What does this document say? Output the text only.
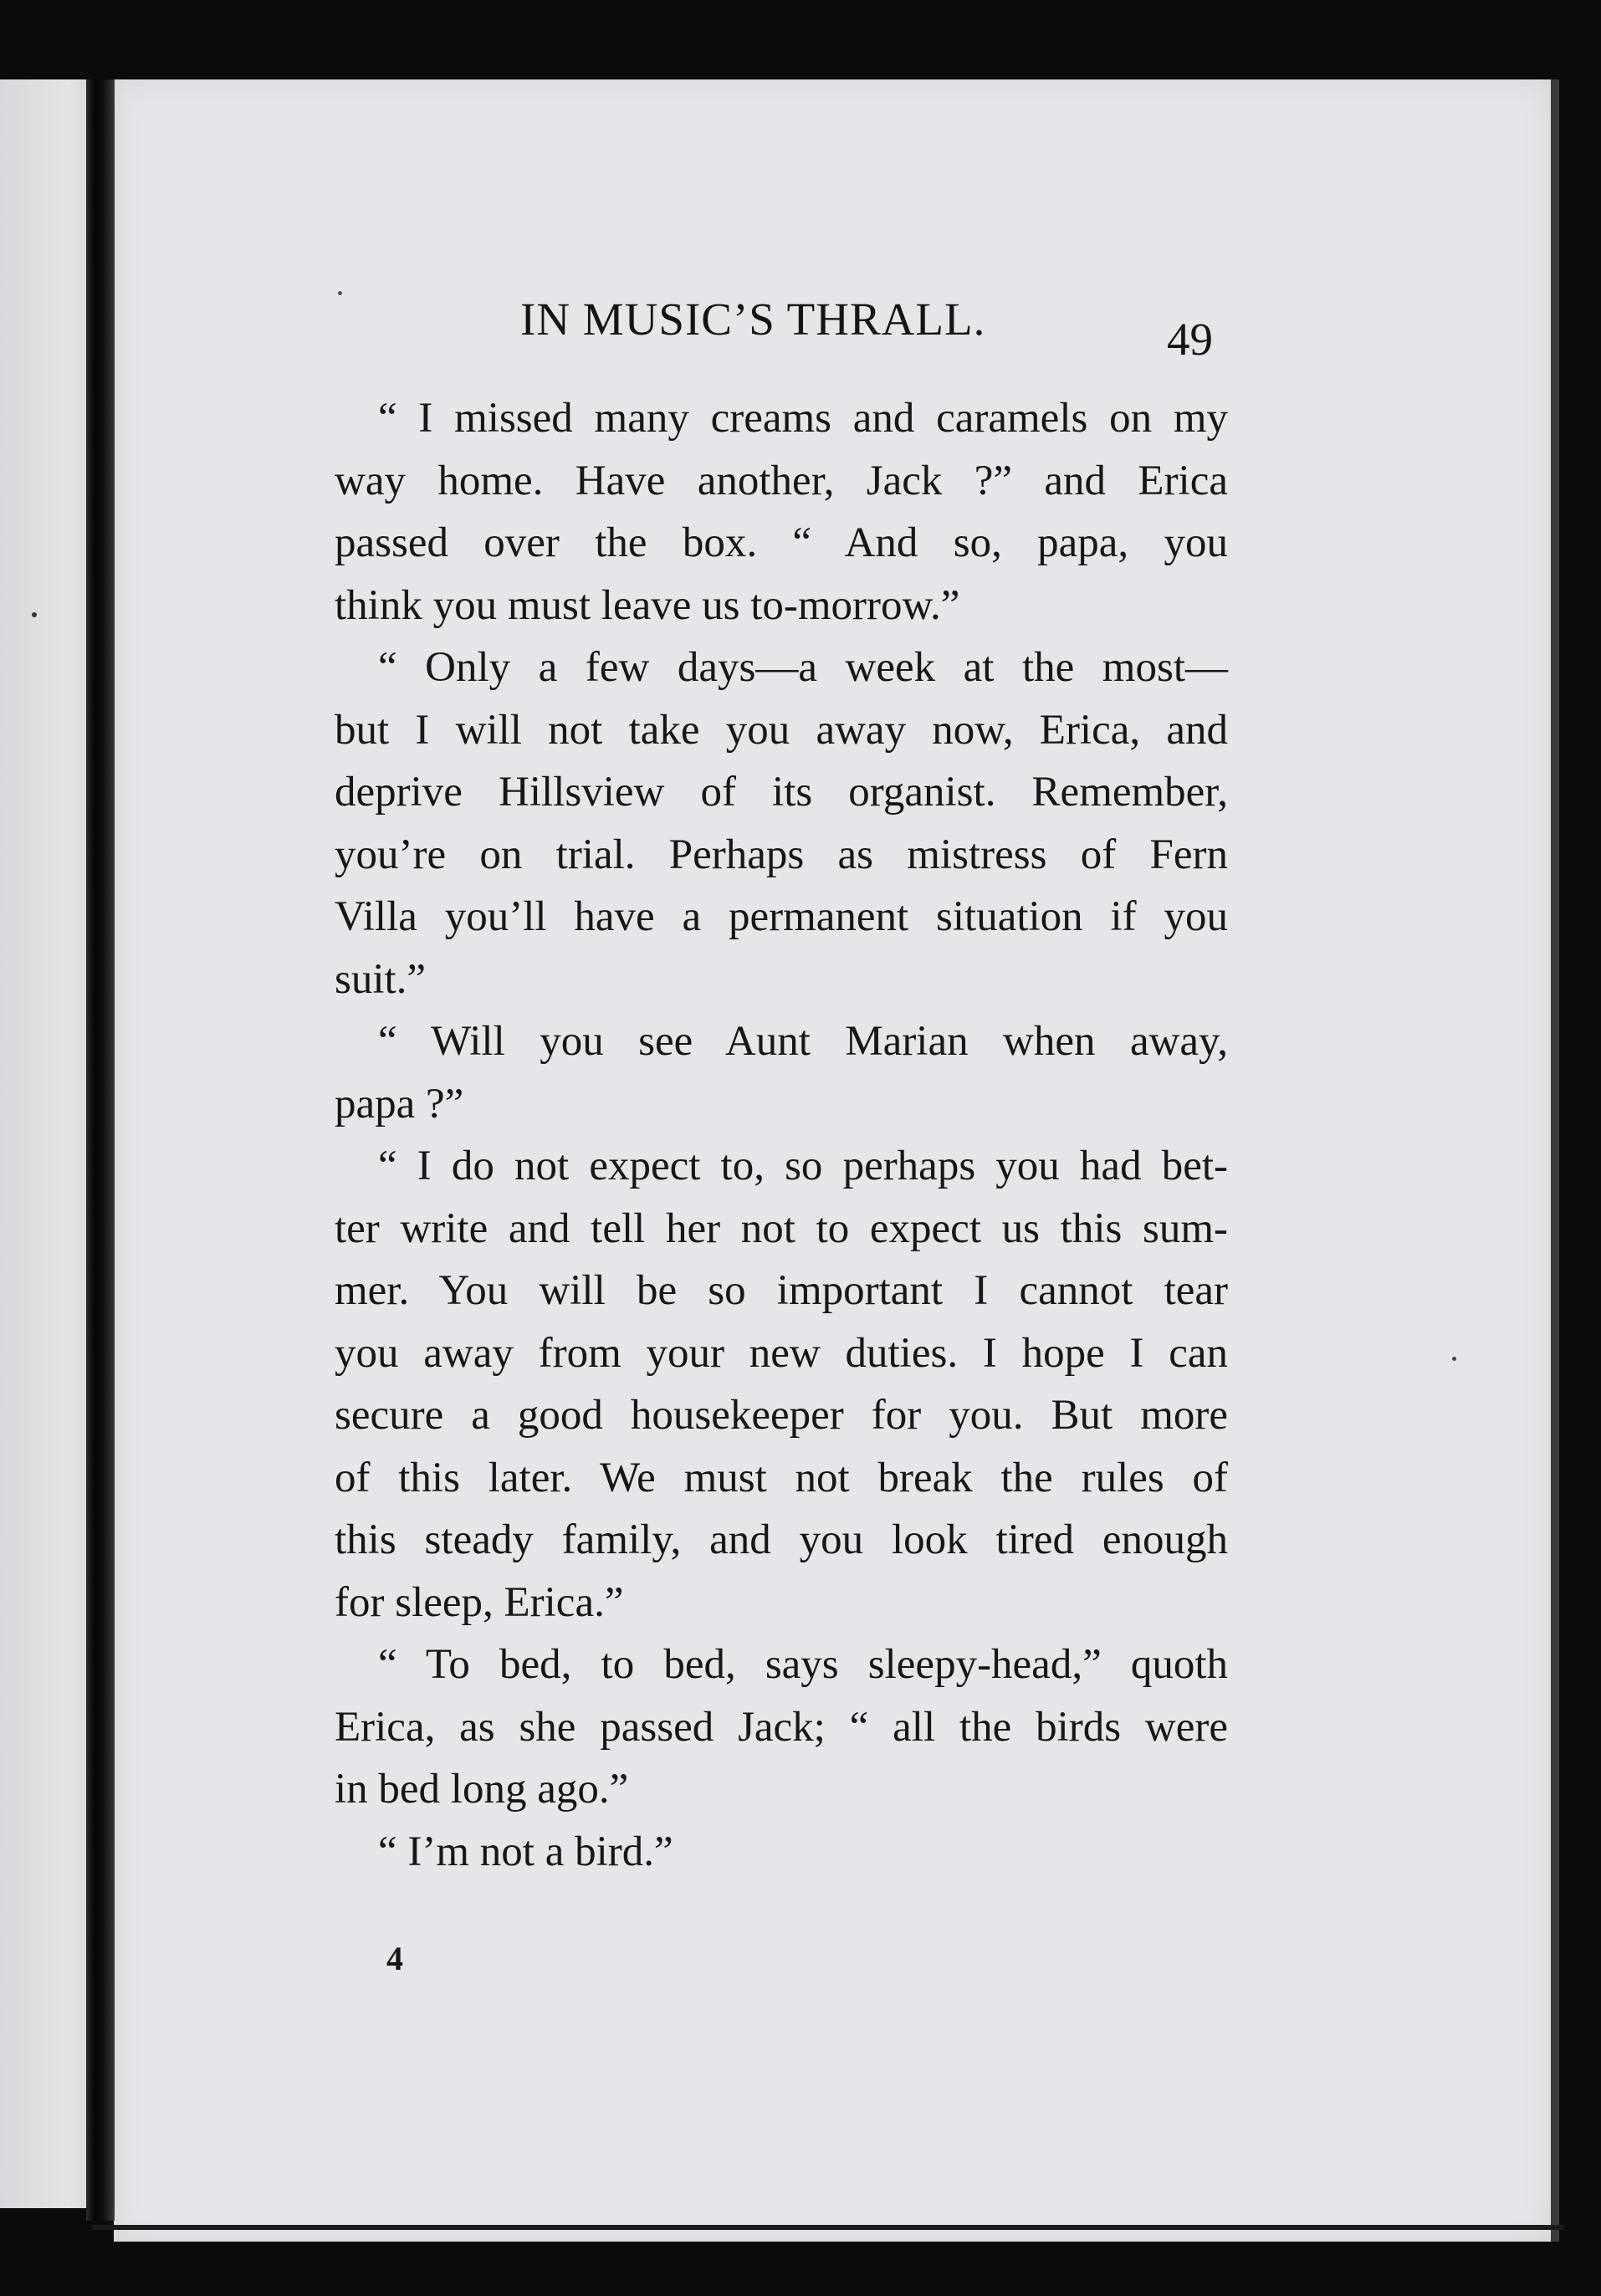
IN MUSIC’S THRALL.	49
“ I missed many creams and caramels on my
way home. Have another, Jack ?” and Erica
passed over the box. “ And so, papa, you
think you must leave us to-morrow.”
“ Only a few days—a week at the most—
but I will not take you away now, Erica, and
deprive Hillsview of its organist. Remember,
you’re on trial. Perhaps as mistress of Fern
Villa you’ll have a permanent situation if you
suit.”
“ Will you see Aunt Marian when away,
papa ?”
“ I do not expect to, so perhaps you had bet-
ter write and tell her not to expect us this sum-
mer. You will be so important I cannot tear
you away from your new duties. I hope I can
secure a good housekeeper for you. But more
of this later. We must not break the rules of
this steady family, and you look tired enough
for sleep, Erica.”
“ To bed, to bed, says sleepy-head,” quoth
Erica, as she passed Jack; “ all the birds were
in bed long ago.”
“ I’m not a bird.”
4
